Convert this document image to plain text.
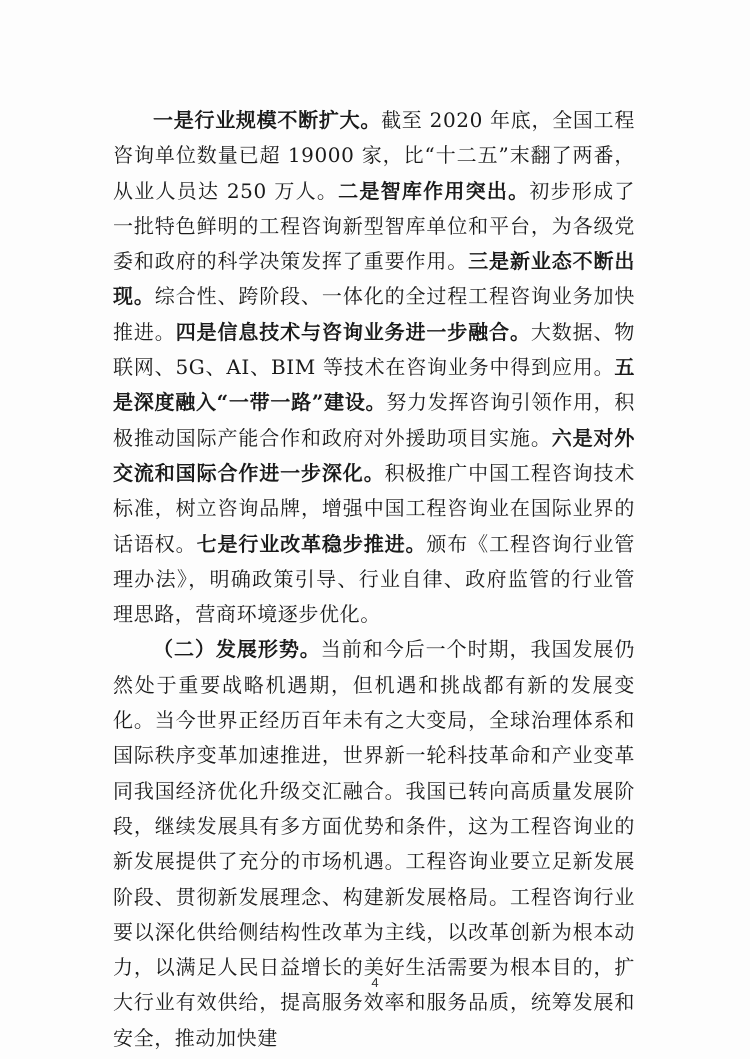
一是行业规模不断扩大。截至 2020 年底，全国工程咨询单位数量已超 19000 家，比“十二五”末翻了两番，从业人员达 250 万人。二是智库作用突出。初步形成了一批特色鲜明的工程咨询新型智库单位和平台，为各级党委和政府的科学决策发挥了重要作用。三是新业态不断出现。综合性、跨阶段、一体化的全过程工程咨询业务加快推进。四是信息技术与咨询业务进一步融合。大数据、物联网、5G、AI、BIM 等技术在咨询业务中得到应用。五是深度融入“一带一路”建设。努力发挥咨询引领作用，积极推动国际产能合作和政府对外援助项目实施。六是对外交流和国际合作进一步深化。积极推广中国工程咨询技术标准，树立咨询品牌，增强中国工程咨询业在国际业界的话语权。七是行业改革稳步推进。颁布《工程咨询行业管理办法》，明确政策引导、行业自律、政府监管的行业管理思路，营商环境逐步优化。

（二）发展形势。当前和今后一个时期，我国发展仍然处于重要战略机遇期，但机遇和挑战都有新的发展变化。当今世界正经历百年未有之大变局，全球治理体系和国际秩序变革加速推进，世界新一轮科技革命和产业变革同我国经济优化升级交汇融合。我国已转向高质量发展阶段，继续发展具有多方面优势和条件，这为工程咨询业的新发展提供了充分的市场机遇。工程咨询业要立足新发展阶段、贯彻新发展理念、构建新发展格局。工程咨询行业要以深化供给侧结构性改革为主线，以改革创新为根本动力，以满足人民日益增长的美好生活需要为根本目的，扩大行业有效供给，提高服务效率和服务品质，统筹发展和安全，推动加快建

4
